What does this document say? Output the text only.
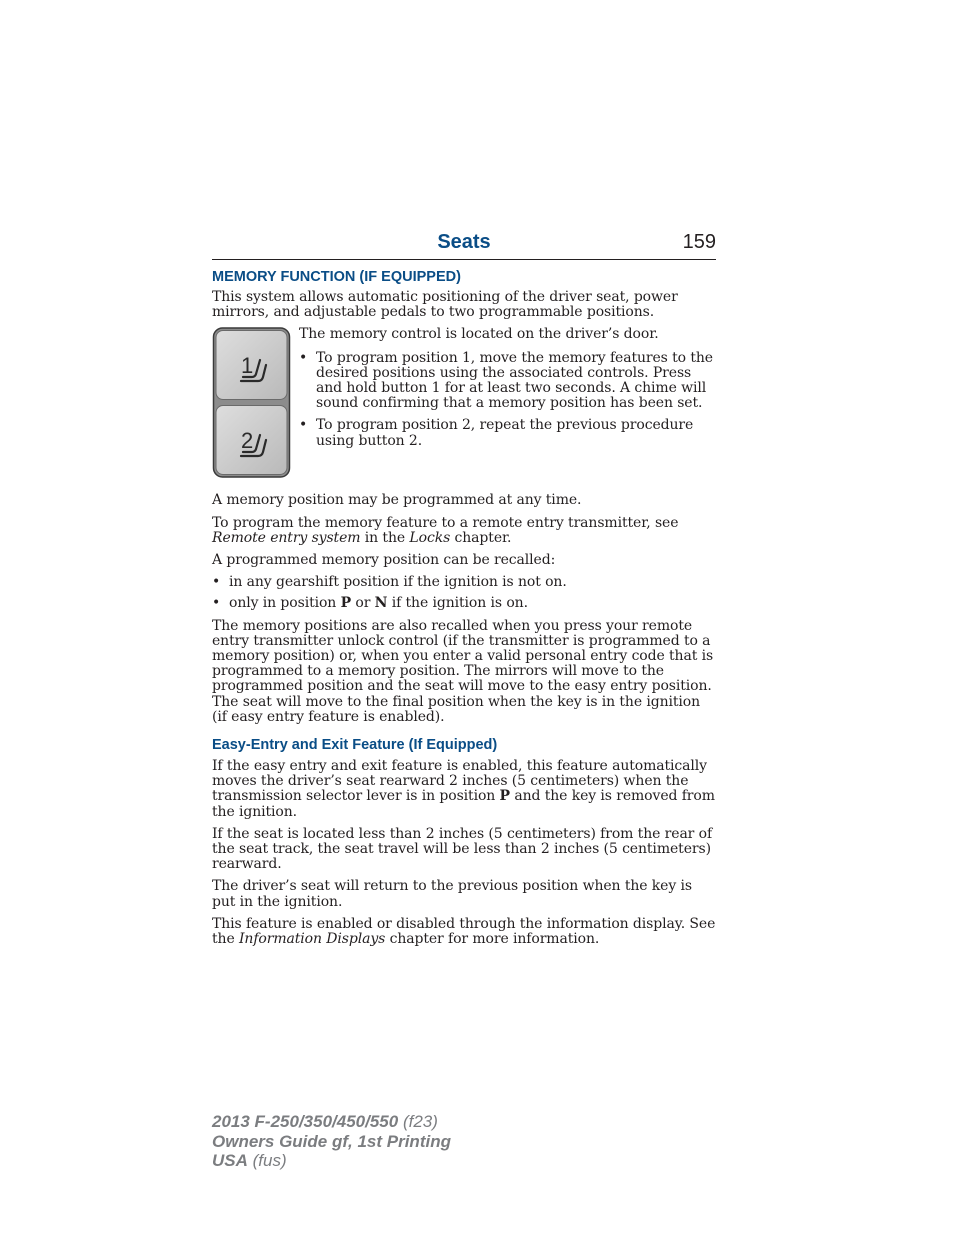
Seats	159
MEMORY FUNCTION (IF EQUIPPED)

This system allows automatic positioning of the driver seat, power mirrors, and adjustable pedals to two programmable positions.

1
2

The memory control is located on the driver’s door.

• To program position 1, move the memory features to the desired positions using the associated controls. Press and hold button 1 for at least two seconds. A chime will sound confirming that a memory position has been set.
• To program position 2, repeat the previous procedure using button 2.

A memory position may be programmed at any time.

To program the memory feature to a remote entry transmitter, see Remote entry system in the Locks chapter.

A programmed memory position can be recalled:

• in any gearshift position if the ignition is not on.
• only in position P or N if the ignition is on.

The memory positions are also recalled when you press your remote entry transmitter unlock control (if the transmitter is programmed to a memory position) or, when you enter a valid personal entry code that is programmed to a memory position. The mirrors will move to the programmed position and the seat will move to the easy entry position. The seat will move to the final position when the key is in the ignition (if easy entry feature is enabled).

Easy-Entry and Exit Feature (If Equipped)

If the easy entry and exit feature is enabled, this feature automatically moves the driver’s seat rearward 2 inches (5 centimeters) when the transmission selector lever is in position P and the key is removed from the ignition.

If the seat is located less than 2 inches (5 centimeters) from the rear of the seat track, the seat travel will be less than 2 inches (5 centimeters) rearward.

The driver’s seat will return to the previous position when the key is put in the ignition.

This feature is enabled or disabled through the information display. See the Information Displays chapter for more information.

2013 F-250/350/450/550 (f23)
Owners Guide gf, 1st Printing
USA (fus)
